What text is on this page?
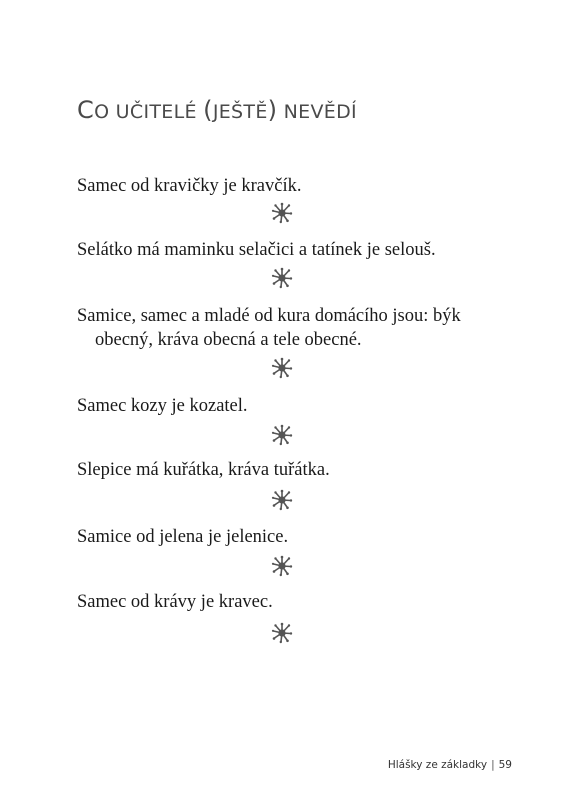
CO UČITELÉ (JEŠTĚ) NEVĚDÍ
Samec od kravičky je kravčík.
Selátko má maminku selačici a tatínek je selouš.
Samice, samec a mladé od kura domácího jsou: býk
obecný, kráva obecná a tele obecné.
Samec kozy je kozatel.
Slepice má kuřátka, kráva tuřátka.
Samice od jelena je jelenice.
Samec od krávy je kravec.
Hlášky ze základky | 59
